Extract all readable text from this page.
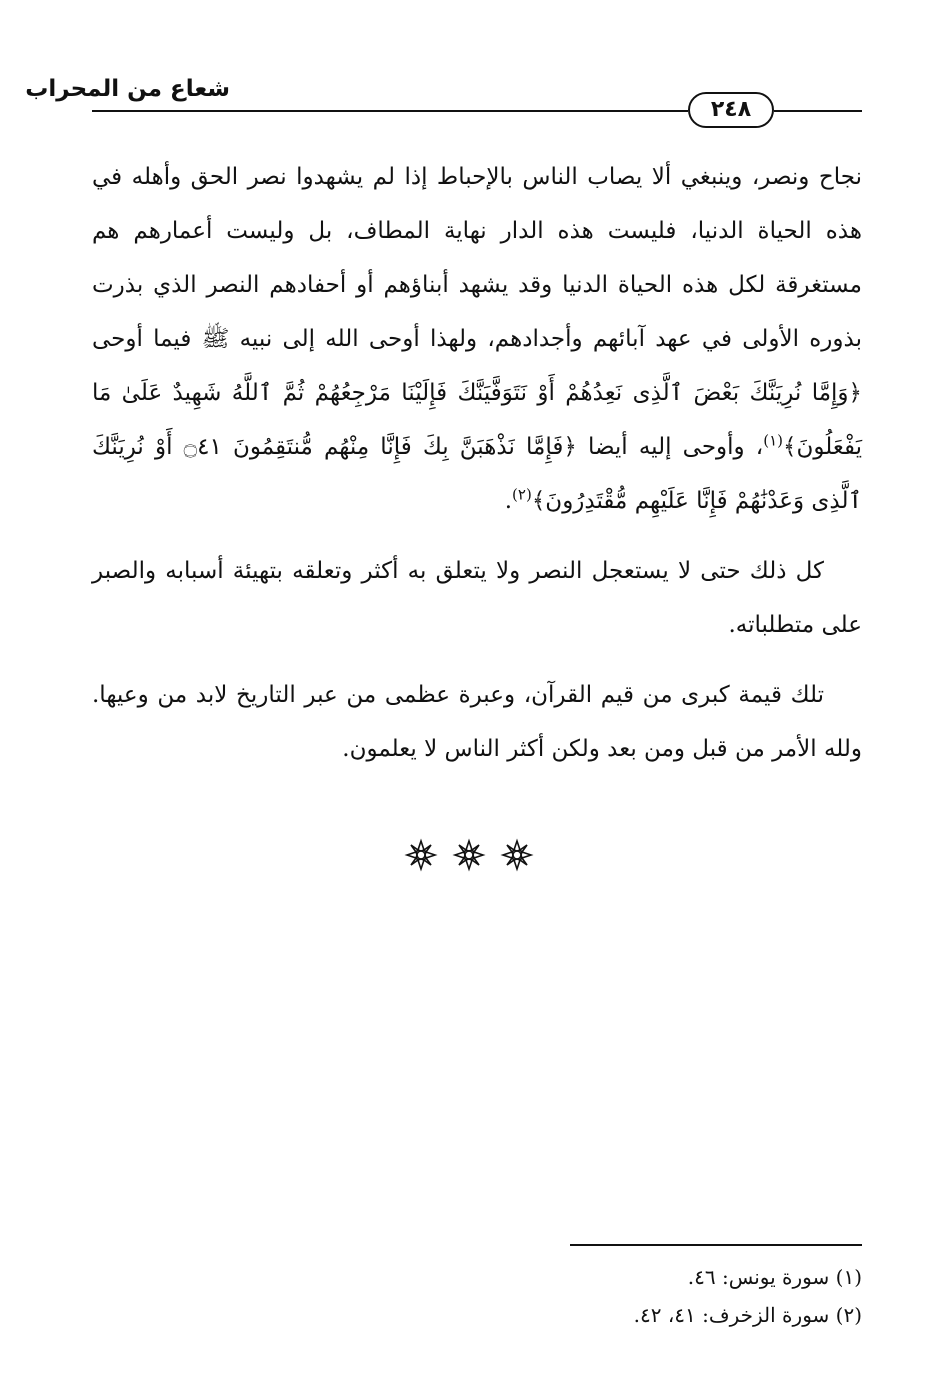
شعاع من المحراب
٢٤٨

نجاح ونصر، وينبغي ألا يصاب الناس بالإحباط إذا لم يشهدوا نصر الحق وأهله في هذه الحياة الدنيا، فليست هذه الدار نهاية المطاف، بل وليست أعمارهم هم مستغرقة لكل هذه الحياة الدنيا وقد يشهد أبناؤهم أو أحفادهم النصر الذي بذرت بذوره الأولى في عهد آبائهم وأجدادهم، ولهذا أوحى الله إلى نبيه ﷺ فيما أوحى ﴿وَإِمَّا نُرِيَنَّكَ بَعْضَ ٱلَّذِى نَعِدُهُمْ أَوْ نَتَوَفَّيَنَّكَ فَإِلَيْنَا مَرْجِعُهُمْ ثُمَّ ٱللَّهُ شَهِيدٌ عَلَىٰ مَا يَفْعَلُونَ﴾$^{(١)}$، وأوحى إليه أيضا ﴿فَإِمَّا نَذْهَبَنَّ بِكَ فَإِنَّا مِنْهُم مُّنتَقِمُونَ ۝٤١ أَوْ نُرِيَنَّكَ ٱلَّذِى وَعَدْنَٰهُمْ فَإِنَّا عَلَيْهِم مُّقْتَدِرُونَ﴾$^{(٢)}$.

كل ذلك حتى لا يستعجل النصر ولا يتعلق به أكثر وتعلقه بتهيئة أسبابه والصبر على متطلباته.

تلك قيمة كبرى من قيم القرآن، وعبرة عظمى من عبر التاريخ لابد من وعيها. ولله الأمر من قبل ومن بعد ولكن أكثر الناس لا يعلمون.

(١) سورة يونس: ٤٦.
(٢) سورة الزخرف: ٤١، ٤٢.
